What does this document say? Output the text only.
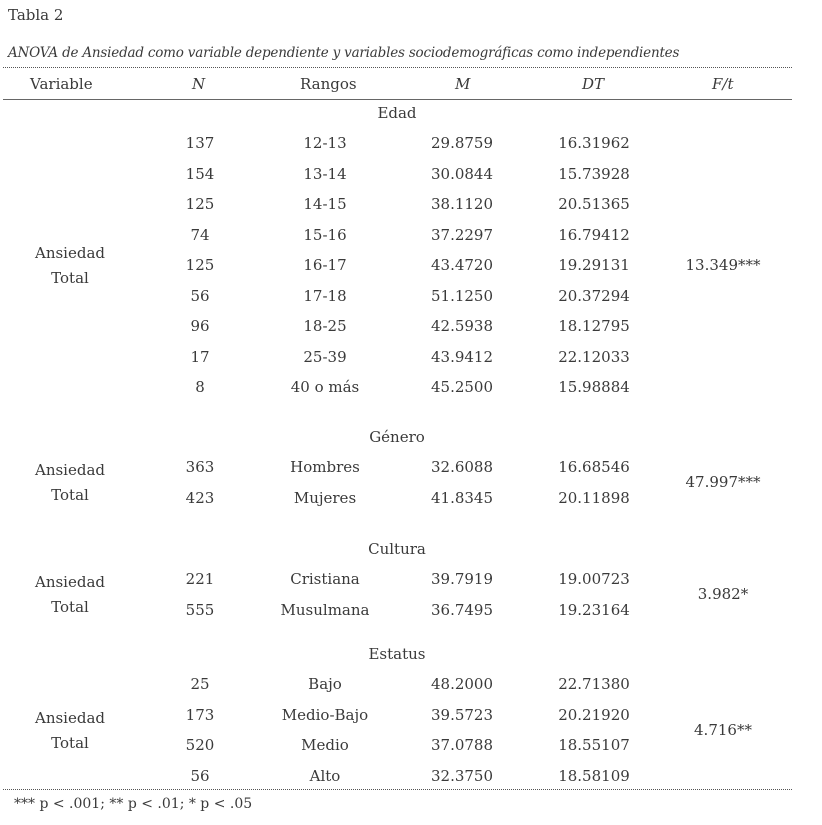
Tabla 2
ANOVA de Ansiedad como variable dependiente y variables sociodemográficas como independientes
Variable	N	Rangos	M	DT	F/t
Edad
137	12-13	29.8759	16.31962
154	13-14	30.0844	15.73928
125	14-15	38.1120	20.51365
74	15-16	37.2297	16.79412
125	16-17	43.4720	19.29131
56	17-18	51.1250	20.37294
96	18-25	42.5938	18.12795
17	25-39	43.9412	22.12033
8	40 o más	45.2500	15.98884
Ansiedad
Total
13.349***
Género
363	Hombres	32.6088	16.68546
423	Mujeres	41.8345	20.11898
Ansiedad
Total
47.997***
Cultura
221	Cristiana	39.7919	19.00723
555	Musulmana	36.7495	19.23164
Ansiedad
Total
3.982*
Estatus
25	Bajo	48.2000	22.71380
173	Medio-Bajo	39.5723	20.21920
520	Medio	37.0788	18.55107
56	Alto	32.3750	18.58109
Ansiedad
Total
4.716**
*** p < .001; ** p < .01; * p < .05
